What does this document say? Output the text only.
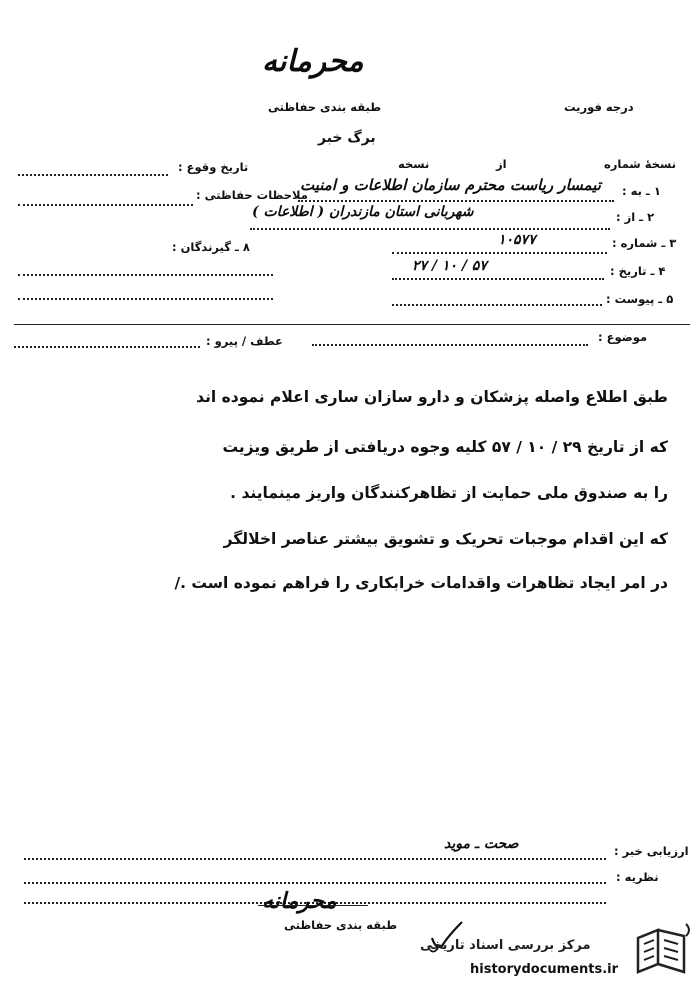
محرمانه
طبقه بندی حفاظتی	درجه فوریت
برگ خبر
نسخهٔ شماره
از
نسخه
تاریخ وقوع :
۱ ـ به :
تیمسار ریاست محترم سازمان اطلاعات و امنیت
ملاحظات حفاظتی :
۲ ـ از :
شهربانی استان مازندران ( اطلاعات )
۳ ـ شماره :
۱۰۵۷۷
۸ ـ گیرندگان :
۴ ـ تاریخ :
۲۷ / ۱۰ / ۵۷
۵ ـ پیوست :
موضوع :
عطف / پیرو :
طبق اطلاع واصله پزشکان و دارو سازان ساری اعلام نموده اند
که از تاریخ ۲۹ / ۱۰ / ۵۷ کلیه وجوه دریافتی از طریق ویزیت
را به صندوق ملی حمایت از تظاهرکنندگان واریز مینمایند .
که این اقدام موجبات تحریک و تشویق بیشتر عناصر اخلالگر
در امر ایجاد تظاهرات واقدامات خرابکاری را فراهم نموده است ./
ارزیابی خبر :
صحت ـ موید
نظریه :
محرمانه
طبقه بندی حفاظتی
مرکز بررسی اسناد تاریخی
historydocuments.ir
